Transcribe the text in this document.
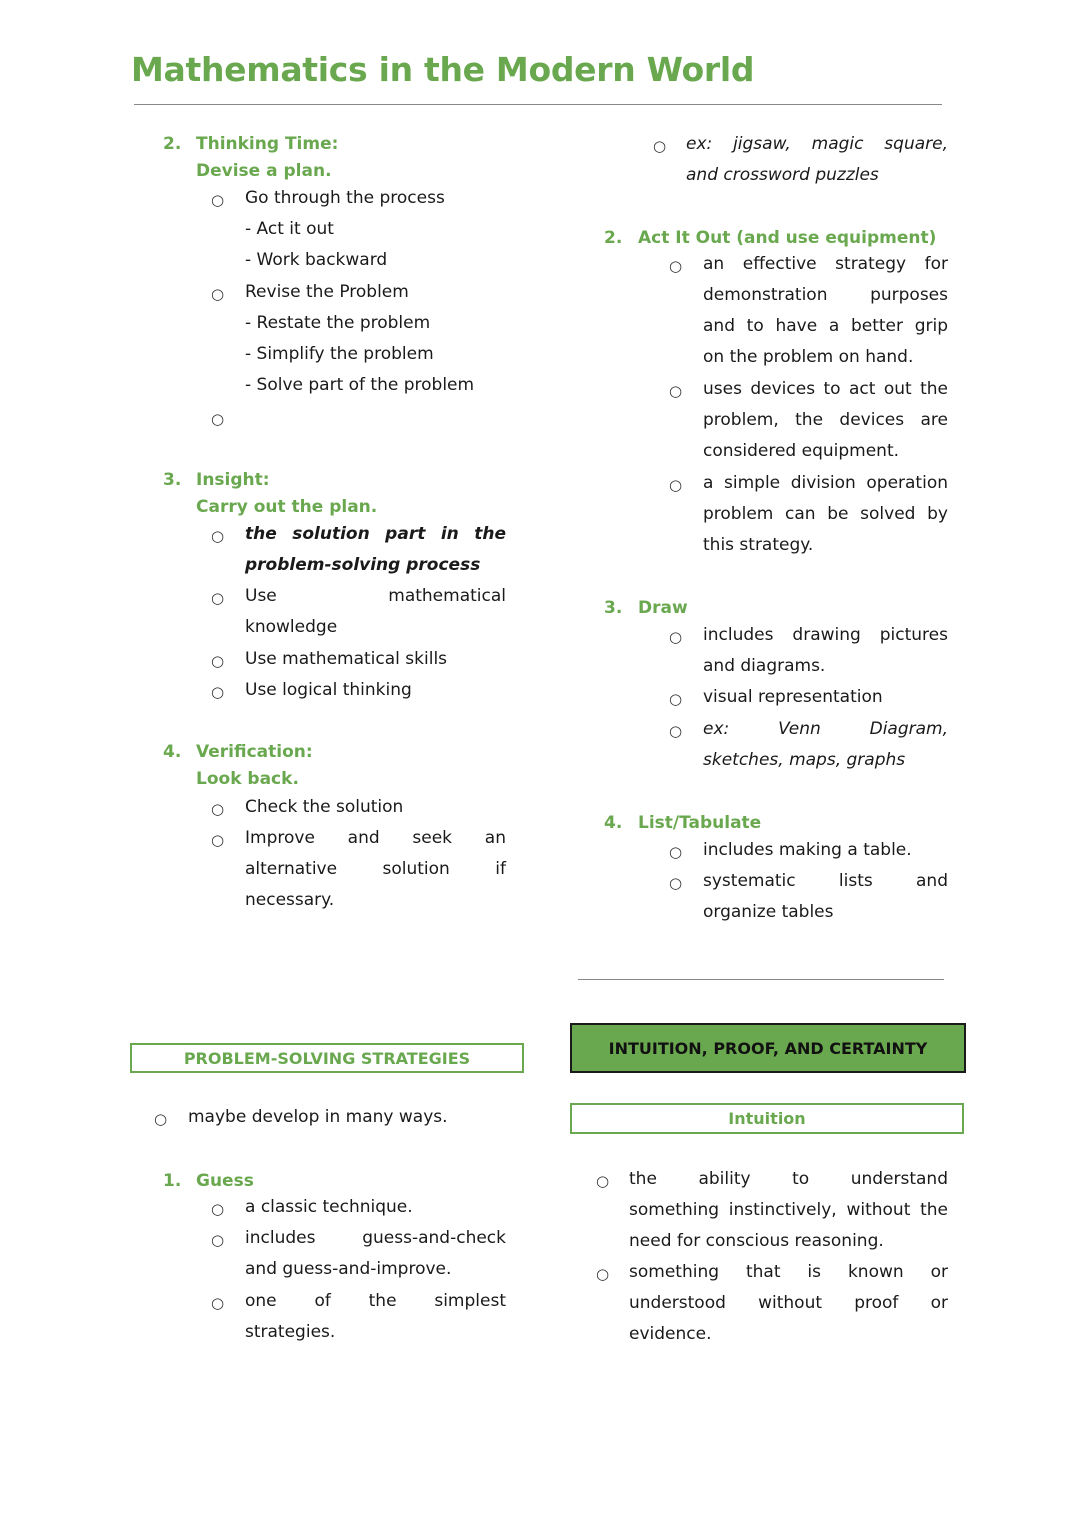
Mathematics in the Modern World
2. Thinking Time:
Devise a plan.
○ Go through the process
- Act it out
- Work backward
○ Revise the Problem
- Restate the problem
- Simplify the problem
- Solve part of the problem
○
3. Insight:
Carry out the plan.
○ the solution part in the
problem-solving process
○ Use mathematical
knowledge
○ Use mathematical skills
○ Use logical thinking
4. Verification:
Look back.
○ Check the solution
○ Improve and seek an
alternative solution if
necessary.
PROBLEM-SOLVING STRATEGIES
○ maybe develop in many ways.
1. Guess
○ a classic technique.
○ includes guess-and-check
and guess-and-improve.
○ one of the simplest
strategies.
○ ex: jigsaw, magic square,
and crossword puzzles
2. Act It Out (and use equipment)
○ an effective strategy for
demonstration purposes
and to have a better grip
on the problem on hand.
○ uses devices to act out the
problem, the devices are
considered equipment.
○ a simple division operation
problem can be solved by
this strategy.
3. Draw
○ includes drawing pictures
and diagrams.
○ visual representation
○ ex: Venn Diagram,
sketches, maps, graphs
4. List/Tabulate
○ includes making a table.
○ systematic lists and
organize tables
INTUITION, PROOF, AND CERTAINTY
Intuition
○ the ability to understand
something instinctively, without the
need for conscious reasoning.
○ something that is known or
understood without proof or
evidence.
